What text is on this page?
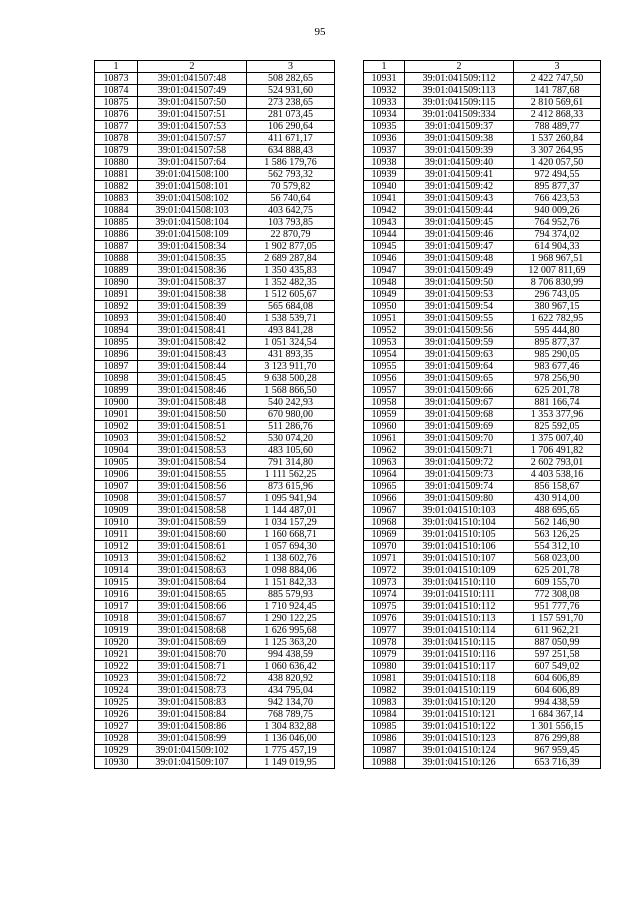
95
1	2	3
10873	39:01:041507:48	508 282,65
10874	39:01:041507:49	524 931,60
10875	39:01:041507:50	273 238,65
10876	39:01:041507:51	281 073,45
10877	39:01:041507:53	106 290,64
10878	39:01:041507:57	411 671,17
10879	39:01:041507:58	634 888,43
10880	39:01:041507:64	1 586 179,76
10881	39:01:041508:100	562 793,32
10882	39:01:041508:101	70 579,82
10883	39:01:041508:102	56 740,64
10884	39:01:041508:103	403 642,75
10885	39:01:041508:104	103 793,85
10886	39:01:041508:109	22 870,79
10887	39:01:041508:34	1 902 877,05
10888	39:01:041508:35	2 689 287,84
10889	39:01:041508:36	1 350 435,83
10890	39:01:041508:37	1 352 482,35
10891	39:01:041508:38	1 512 605,67
10892	39:01:041508:39	565 684,08
10893	39:01:041508:40	1 538 539,71
10894	39:01:041508:41	493 841,28
10895	39:01:041508:42	1 051 324,54
10896	39:01:041508:43	431 893,35
10897	39:01:041508:44	3 123 911,70
10898	39:01:041508:45	9 638 500,28
10899	39:01:041508:46	1 568 866,50
10900	39:01:041508:48	540 242,93
10901	39:01:041508:50	670 980,00
10902	39:01:041508:51	511 286,76
10903	39:01:041508:52	530 074,20
10904	39:01:041508:53	483 105,60
10905	39:01:041508:54	791 314,80
10906	39:01:041508:55	1 111 562,25
10907	39:01:041508:56	873 615,96
10908	39:01:041508:57	1 095 941,94
10909	39:01:041508:58	1 144 487,01
10910	39:01:041508:59	1 034 157,29
10911	39:01:041508:60	1 160 668,71
10912	39:01:041508:61	1 057 694,30
10913	39:01:041508:62	1 138 602,76
10914	39:01:041508:63	1 098 884,06
10915	39:01:041508:64	1 151 842,33
10916	39:01:041508:65	885 579,93
10917	39:01:041508:66	1 710 924,45
10918	39:01:041508:67	1 290 122,25
10919	39:01:041508:68	1 626 995,68
10920	39:01:041508:69	1 125 363,20
10921	39:01:041508:70	994 438,59
10922	39:01:041508:71	1 060 636,42
10923	39:01:041508:72	438 820,92
10924	39:01:041508:73	434 795,04
10925	39:01:041508:83	942 134,70
10926	39:01:041508:84	768 789,75
10927	39:01:041508:86	1 304 832,88
10928	39:01:041508:99	1 136 046,00
10929	39:01:041509:102	1 775 457,19
10930	39:01:041509:107	1 149 019,95
1	2	3
10931	39:01:041509:112	2 422 747,50
10932	39:01:041509:113	141 787,68
10933	39:01:041509:115	2 810 569,61
10934	39:01:041509:334	2 412 868,33
10935	39:01:041509:37	788 489,77
10936	39:01:041509:38	1 537 260,84
10937	39:01:041509:39	3 307 264,95
10938	39:01:041509:40	1 420 057,50
10939	39:01:041509:41	972 494,55
10940	39:01:041509:42	895 877,37
10941	39:01:041509:43	766 423,53
10942	39:01:041509:44	940 009,26
10943	39:01:041509:45	764 952,76
10944	39:01:041509:46	794 374,02
10945	39:01:041509:47	614 904,33
10946	39:01:041509:48	1 968 967,51
10947	39:01:041509:49	12 007 811,69
10948	39:01:041509:50	8 706 830,99
10949	39:01:041509:53	296 743,05
10950	39:01:041509:54	380 967,15
10951	39:01:041509:55	1 622 782,95
10952	39:01:041509:56	595 444,80
10953	39:01:041509:59	895 877,37
10954	39:01:041509:63	985 290,05
10955	39:01:041509:64	983 677,46
10956	39:01:041509:65	978 256,90
10957	39:01:041509:66	625 201,78
10958	39:01:041509:67	881 166,74
10959	39:01:041509:68	1 353 377,96
10960	39:01:041509:69	825 592,05
10961	39:01:041509:70	1 375 007,40
10962	39:01:041509:71	1 706 491,82
10963	39:01:041509:72	2 602 793,01
10964	39:01:041509:73	4 403 538,16
10965	39:01:041509:74	856 158,67
10966	39:01:041509:80	430 914,00
10967	39:01:041510:103	488 695,65
10968	39:01:041510:104	562 146,90
10969	39:01:041510:105	563 126,25
10970	39:01:041510:106	554 312,10
10971	39:01:041510:107	568 023,00
10972	39:01:041510:109	625 201,78
10973	39:01:041510:110	609 155,70
10974	39:01:041510:111	772 308,08
10975	39:01:041510:112	951 777,76
10976	39:01:041510:113	1 157 591,70
10977	39:01:041510:114	611 962,21
10978	39:01:041510:115	887 050,99
10979	39:01:041510:116	597 251,58
10980	39:01:041510:117	607 549,02
10981	39:01:041510:118	604 606,89
10982	39:01:041510:119	604 606,89
10983	39:01:041510:120	994 438,59
10984	39:01:041510:121	1 684 367,14
10985	39:01:041510:122	1 301 556,15
10986	39:01:041510:123	876 299,88
10987	39:01:041510:124	967 959,45
10988	39:01:041510:126	653 716,39
